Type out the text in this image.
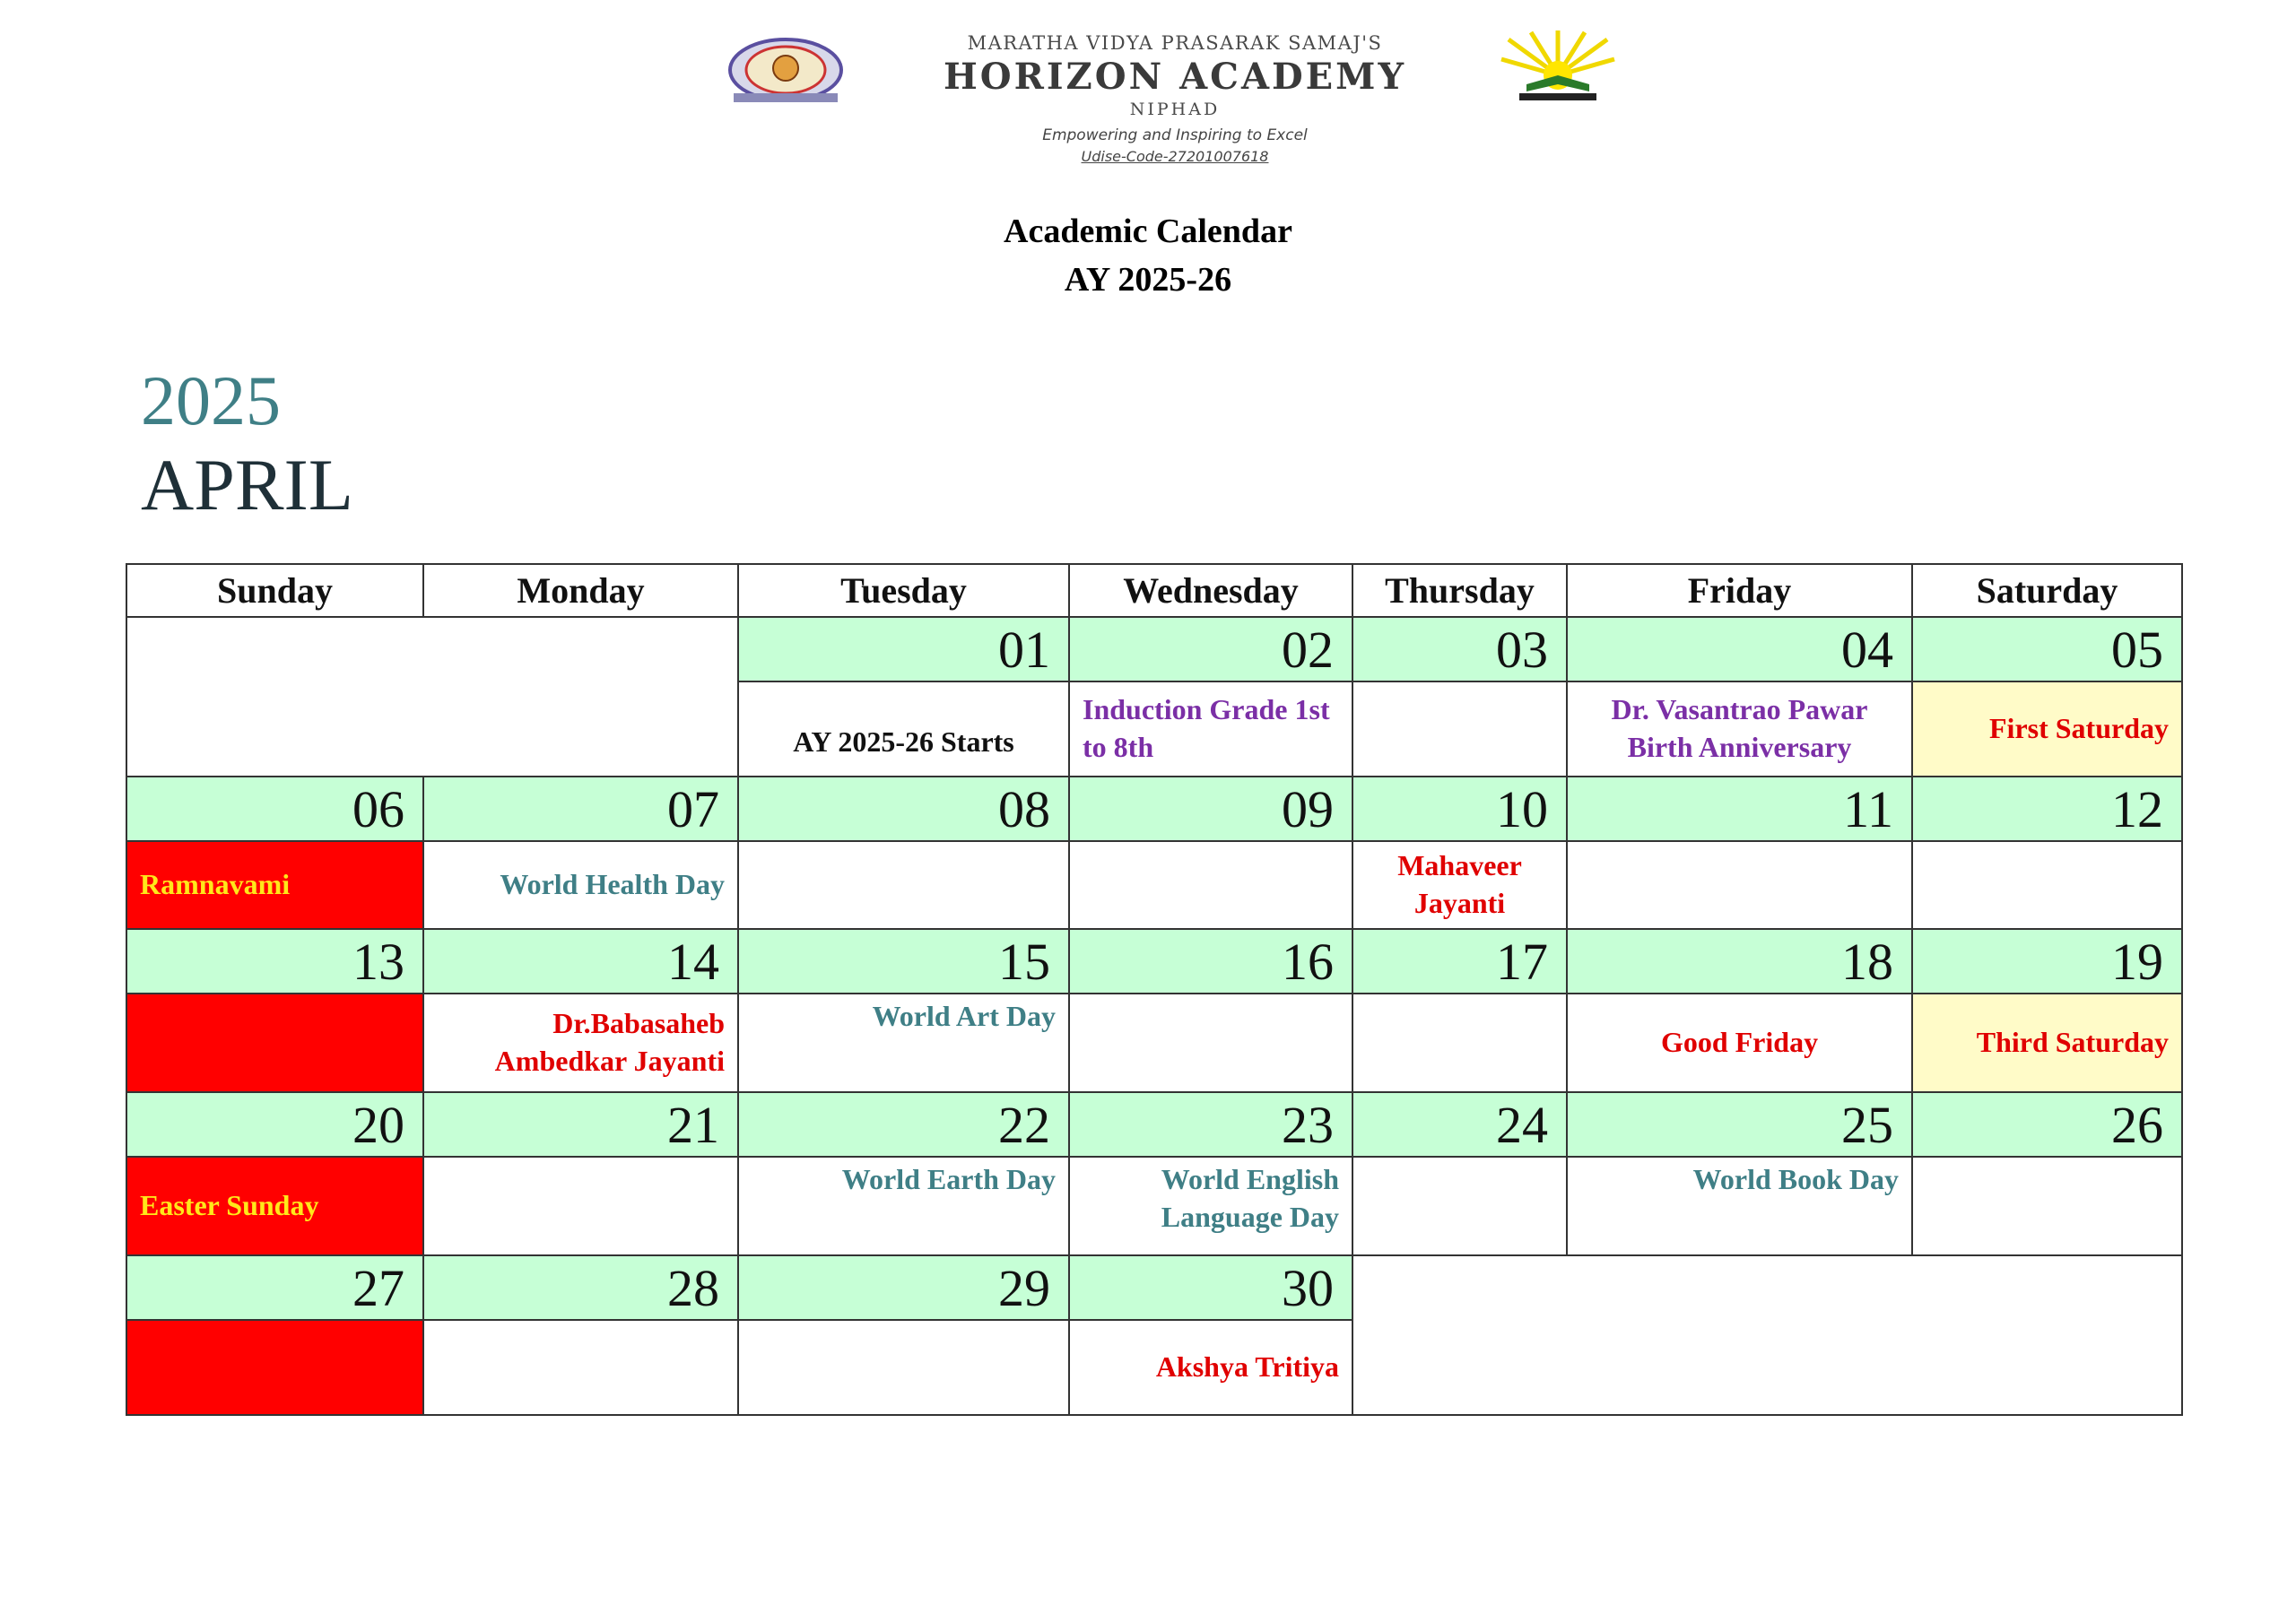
MARATHA VIDYA PRASARAK SAMAJ'S
HORIZON ACADEMY
NIPHAD
Empowering and Inspiring to Excel
Udise-Code-27201007618
Academic Calendar
AY 2025-26
2025
APRIL
Sunday	Monday	Tuesday	Wednesday	Thursday	Friday	Saturday
		01	02	03	04	05
		AY 2025-26 Starts	Induction Grade 1st to 8th		Dr. Vasantrao Pawar Birth Anniversary	First Saturday
06	07	08	09	10	11	12
Ramnavami	World Health Day			Mahaveer Jayanti		
13	14	15	16	17	18	19
	Dr.Babasaheb Ambedkar Jayanti	World Art Day			Good Friday	Third Saturday
20	21	22	23	24	25	26
Easter Sunday		World Earth Day	World English Language Day		World Book Day	
27	28	29	30			
			Akshya Tritiya			
